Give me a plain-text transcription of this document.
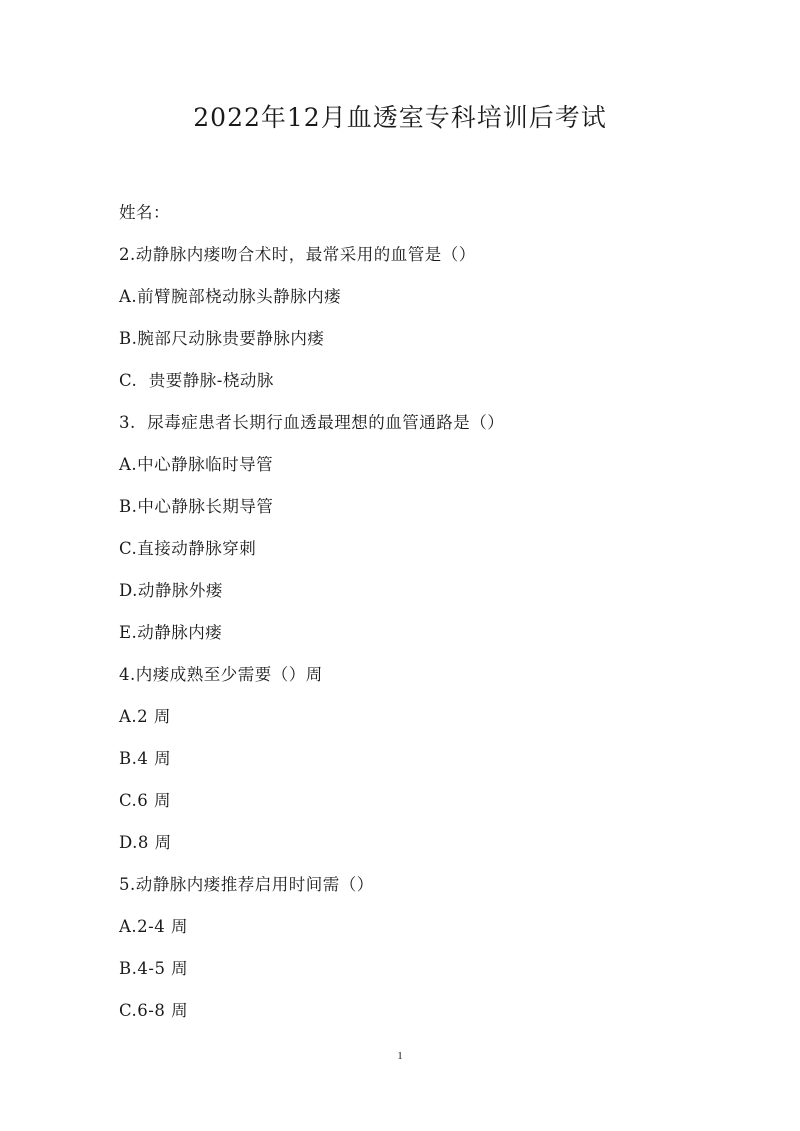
2022年12月血透室专科培训后考试
姓名：
2.动静脉内瘘吻合术时，最常采用的血管是（）
A.前臂腕部桡动脉头静脉内瘘
B.腕部尺动脉贵要静脉内瘘
C.  贵要静脉-桡动脉
3.  尿毒症患者长期行血透最理想的血管通路是（）
A.中心静脉临时导管
B.中心静脉长期导管
C.直接动静脉穿刺
D.动静脉外瘘
E.动静脉内瘘
4.内瘘成熟至少需要（）周
A.2 周
B.4 周
C.6 周
D.8 周
5.动静脉内瘘推荐启用时间需（）
A.2-4 周
B.4-5 周
C.6-8 周
1
